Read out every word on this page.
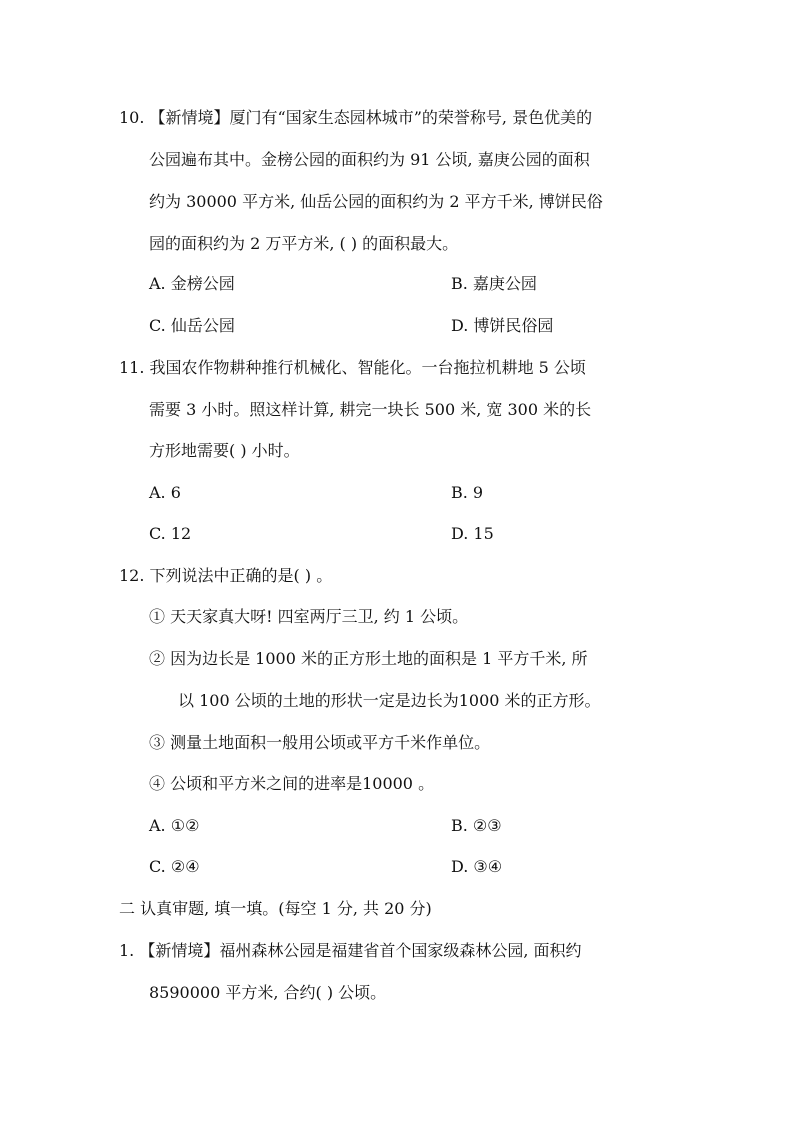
10. 【新情境】厦门有“国家生态园林城市”的荣誉称号, 景色优美的
公园遍布其中。金榜公园的面积约为 91 公顷, 嘉庚公园的面积
约为 30000 平方米, 仙岳公园的面积约为 2 平方千米, 博饼民俗
园的面积约为 2 万平方米, ( ) 的面积最大。
A. 金榜公园	B. 嘉庚公园
C. 仙岳公园	D. 博饼民俗园
11. 我国农作物耕种推行机械化、智能化。一台拖拉机耕地 5 公顷
需要 3 小时。照这样计算, 耕完一块长 500 米, 宽 300 米的长
方形地需要( ) 小时。
A. 6	B. 9
C. 12	D. 15
12. 下列说法中正确的是( ) 。
① 天天家真大呀! 四室两厅三卫, 约 1 公顷。
② 因为边长是 1000 米的正方形土地的面积是 1 平方千米, 所
以 100 公顷的土地的形状一定是边长为1000 米的正方形。
③ 测量土地面积一般用公顷或平方千米作单位。
④ 公顷和平方米之间的进率是10000 。
A. ①②	B. ②③
C. ②④	D. ③④
二 认真审题, 填一填。(每空 1 分, 共 20 分)
1. 【新情境】福州森林公园是福建省首个国家级森林公园, 面积约
8590000 平方米, 合约( ) 公顷。
